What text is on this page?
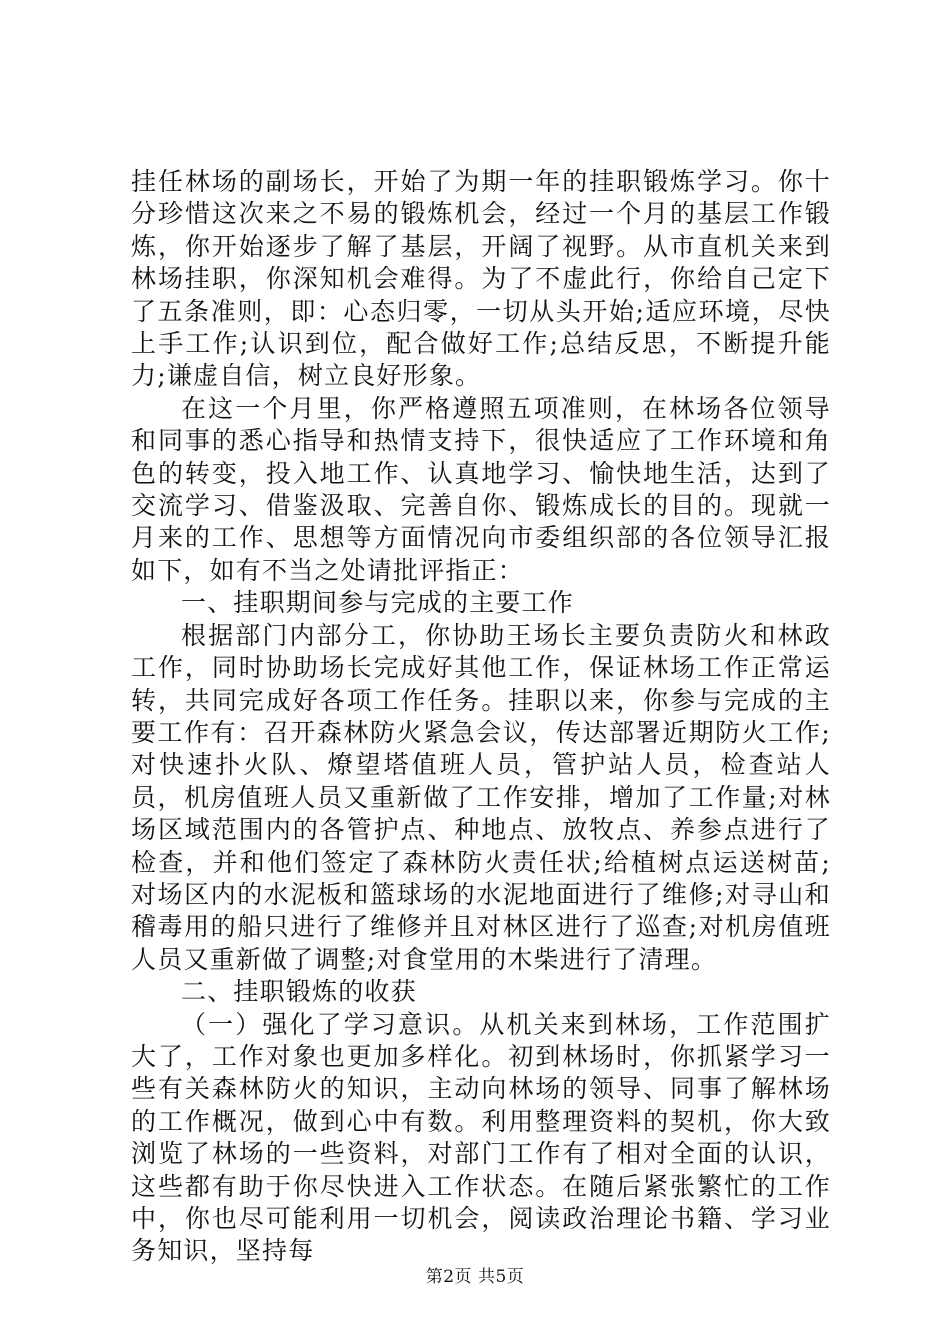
挂任林场的副场长，开始了为期一年的挂职锻炼学习。你十分珍惜这次来之不易的锻炼机会，经过一个月的基层工作锻炼，你开始逐步了解了基层，开阔了视野。从市直机关来到林场挂职，你深知机会难得。为了不虚此行，你给自己定下了五条准则，即：心态归零，一切从头开始;适应环境，尽快上手工作;认识到位，配合做好工作;总结反思，不断提升能力;谦虚自信，树立良好形象。

在这一个月里，你严格遵照五项准则，在林场各位领导和同事的悉心指导和热情支持下，很快适应了工作环境和角色的转变，投入地工作、认真地学习、愉快地生活，达到了交流学习、借鉴汲取、完善自你、锻炼成长的目的。现就一月来的工作、思想等方面情况向市委组织部的各位领导汇报如下，如有不当之处请批评指正：

一、挂职期间参与完成的主要工作

根据部门内部分工，你协助王场长主要负责防火和林政工作，同时协助场长完成好其他工作，保证林场工作正常运转，共同完成好各项工作任务。挂职以来，你参与完成的主要工作有：召开森林防火紧急会议，传达部署近期防火工作;对快速扑火队、燎望塔值班人员，管护站人员，检查站人员，机房值班人员又重新做了工作安排，增加了工作量;对林场区域范围内的各管护点、种地点、放牧点、养参点进行了检查，并和他们签定了森林防火责任状;给植树点运送树苗;对场区内的水泥板和篮球场的水泥地面进行了维修;对寻山和稽毒用的船只进行了维修并且对林区进行了巡查;对机房值班人员又重新做了调整;对食堂用的木柴进行了清理。

二、挂职锻炼的收获

（一）强化了学习意识。从机关来到林场，工作范围扩大了，工作对象也更加多样化。初到林场时，你抓紧学习一些有关森林防火的知识，主动向林场的领导、同事了解林场的工作概况，做到心中有数。利用整理资料的契机，你大致浏览了林场的一些资料，对部门工作有了相对全面的认识，这些都有助于你尽快进入工作状态。在随后紧张繁忙的工作中，你也尽可能利用一切机会，阅读政治理论书籍、学习业务知识，坚持每

第2页 共5页
